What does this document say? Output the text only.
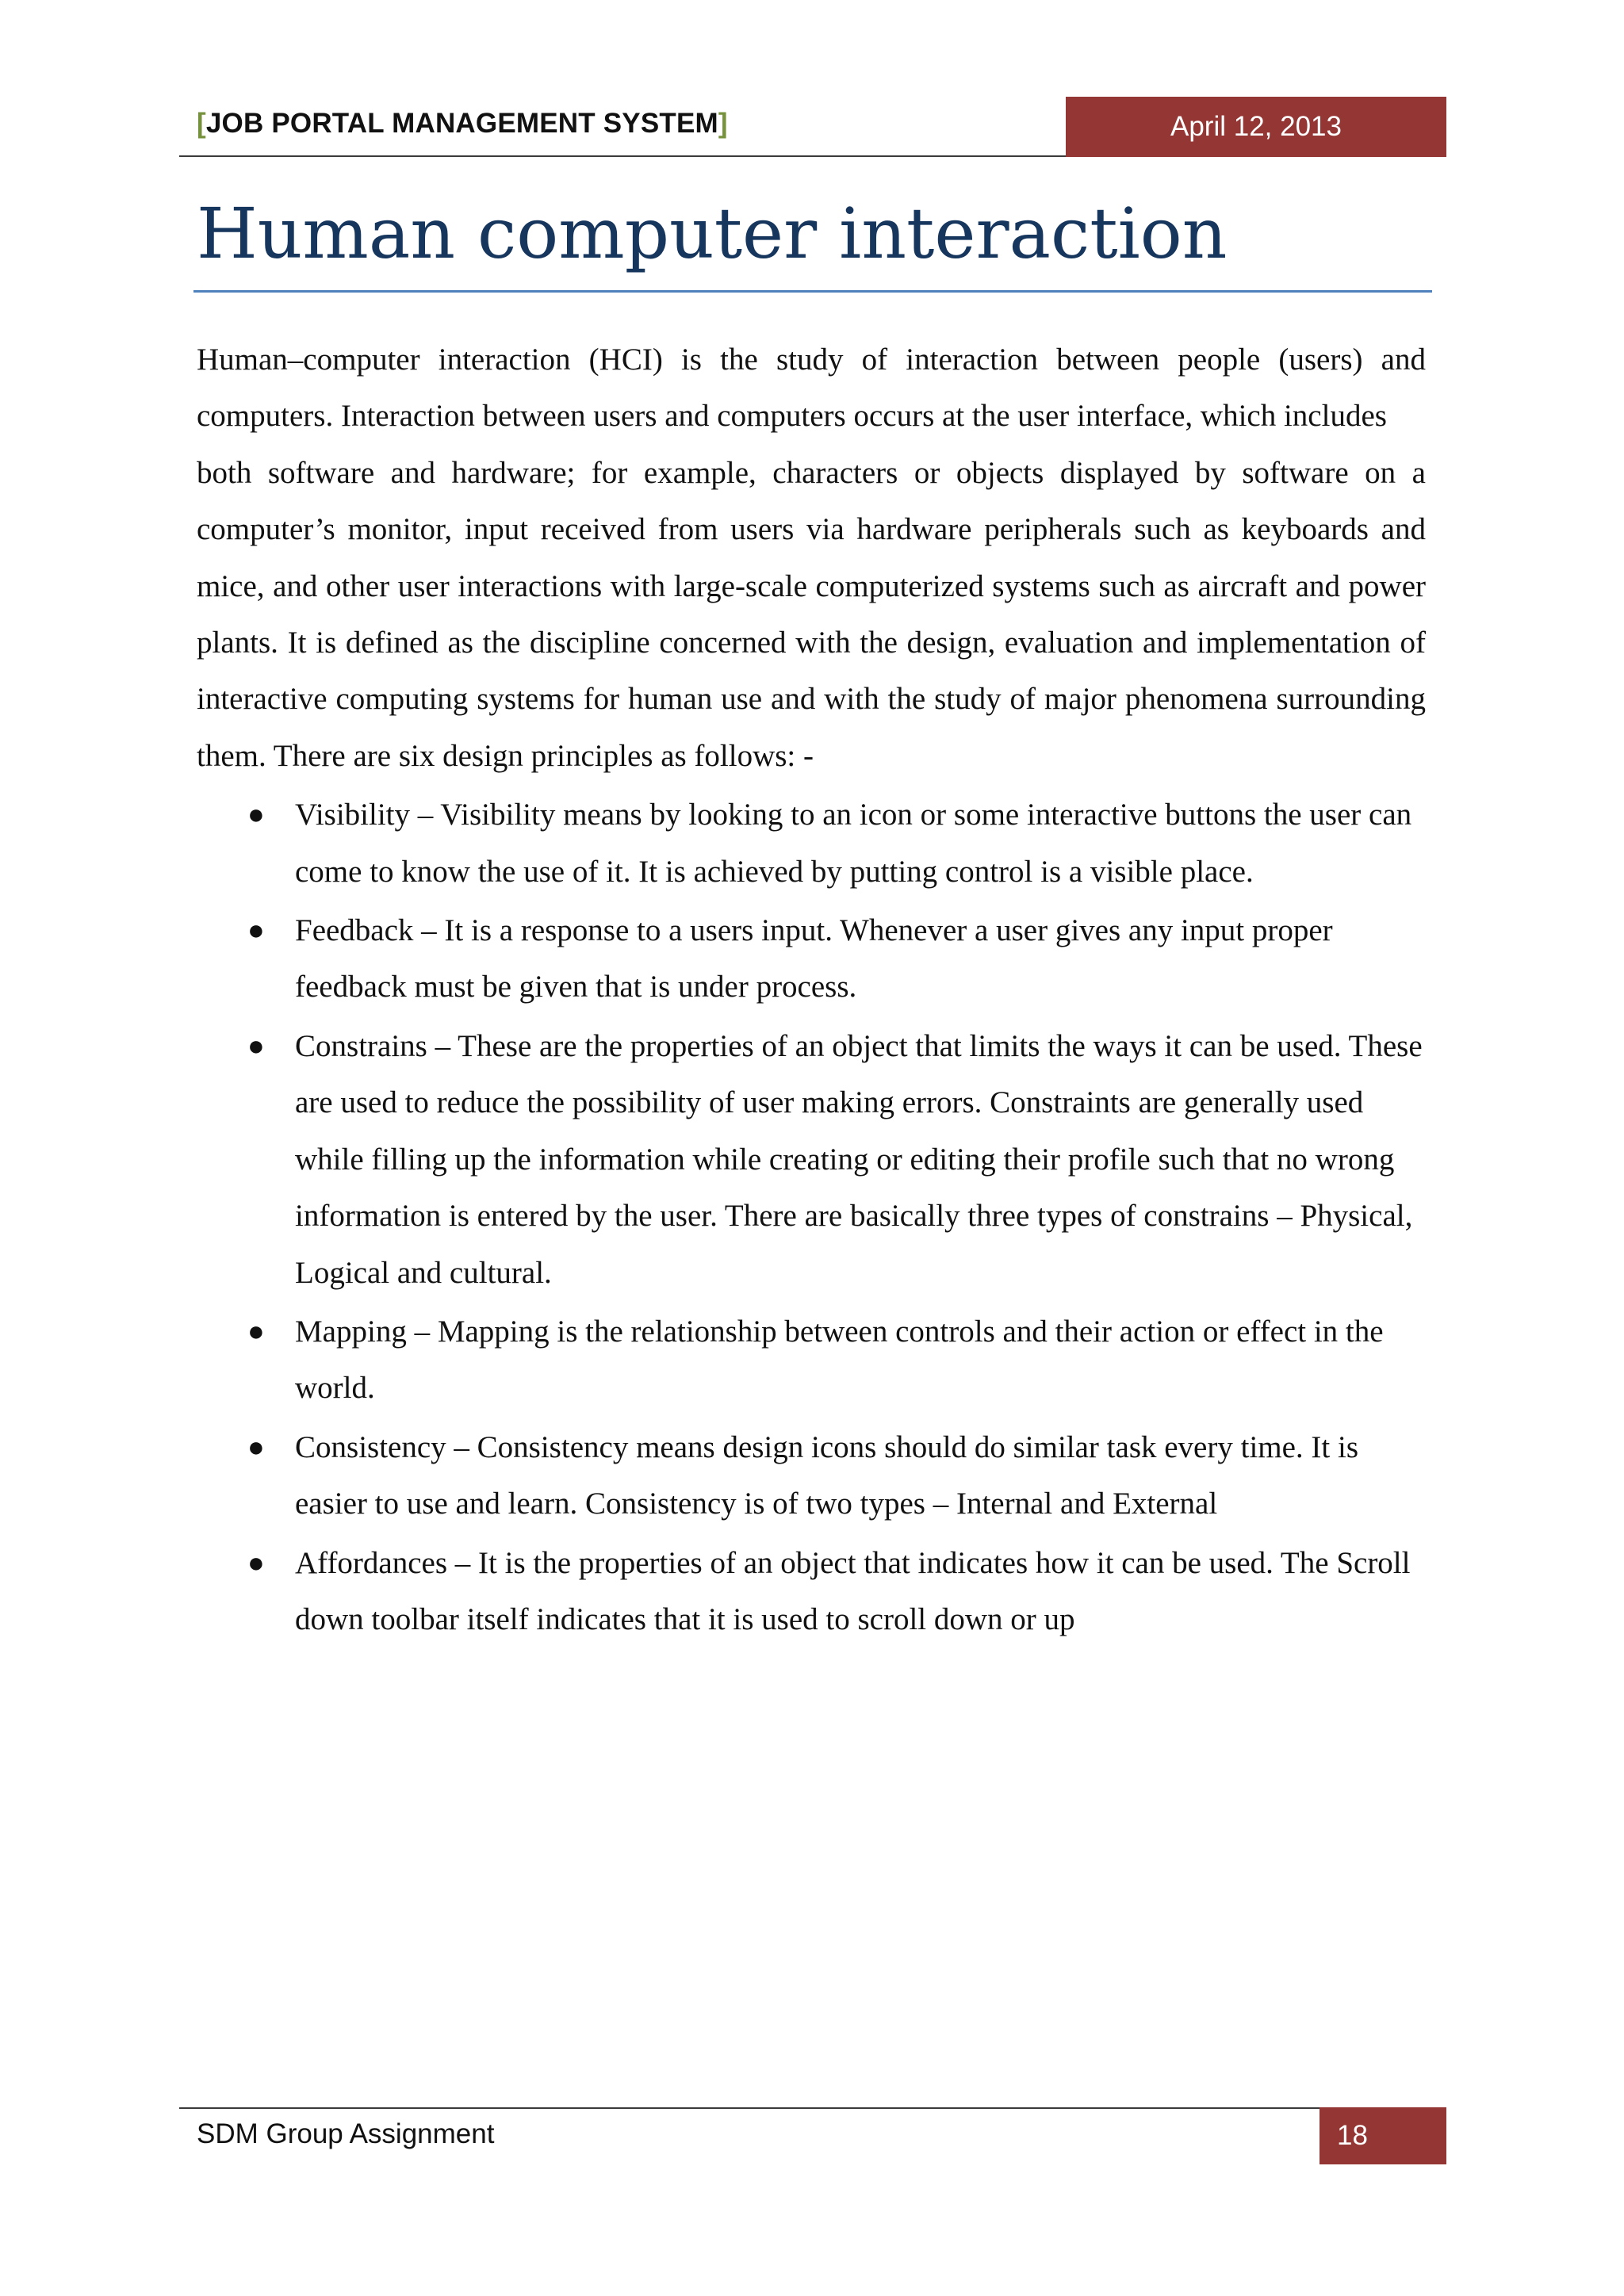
[JOB PORTAL MANAGEMENT SYSTEM]	April 12, 2013
Human computer interaction

Human–computer interaction (HCI) is the study of interaction between people (users) and computers. Interaction between users and computers occurs at the user interface, which includes

both software and hardware; for example, characters or objects displayed by software on a computer’s monitor, input received from users via hardware peripherals such as keyboards and mice, and other user interactions with large-scale computerized systems such as aircraft and power plants. It is defined as the discipline concerned with the design, evaluation and implementation of interactive computing systems for human use and with the study of major phenomena surrounding them. There are six design principles as follows: -

● Visibility – Visibility means by looking to an icon or some interactive buttons the user can come to know the use of it. It is achieved by putting control is a visible place.
● Feedback – It is a response to a users input. Whenever a user gives any input proper feedback must be given that is under process.
● Constrains – These are the properties of an object that limits the ways it can be used. These are used to reduce the possibility of user making errors. Constraints are generally used while filling up the information while creating or editing their profile such that no wrong information is entered by the user. There are basically three types of constrains – Physical, Logical and cultural.
● Mapping – Mapping is the relationship between controls and their action or effect in the world.
● Consistency – Consistency means design icons should do similar task every time. It is easier to use and learn. Consistency is of two types – Internal and External
● Affordances – It is the properties of an object that indicates how it can be used. The Scroll down toolbar itself indicates that it is used to scroll down or up
SDM Group Assignment	18
